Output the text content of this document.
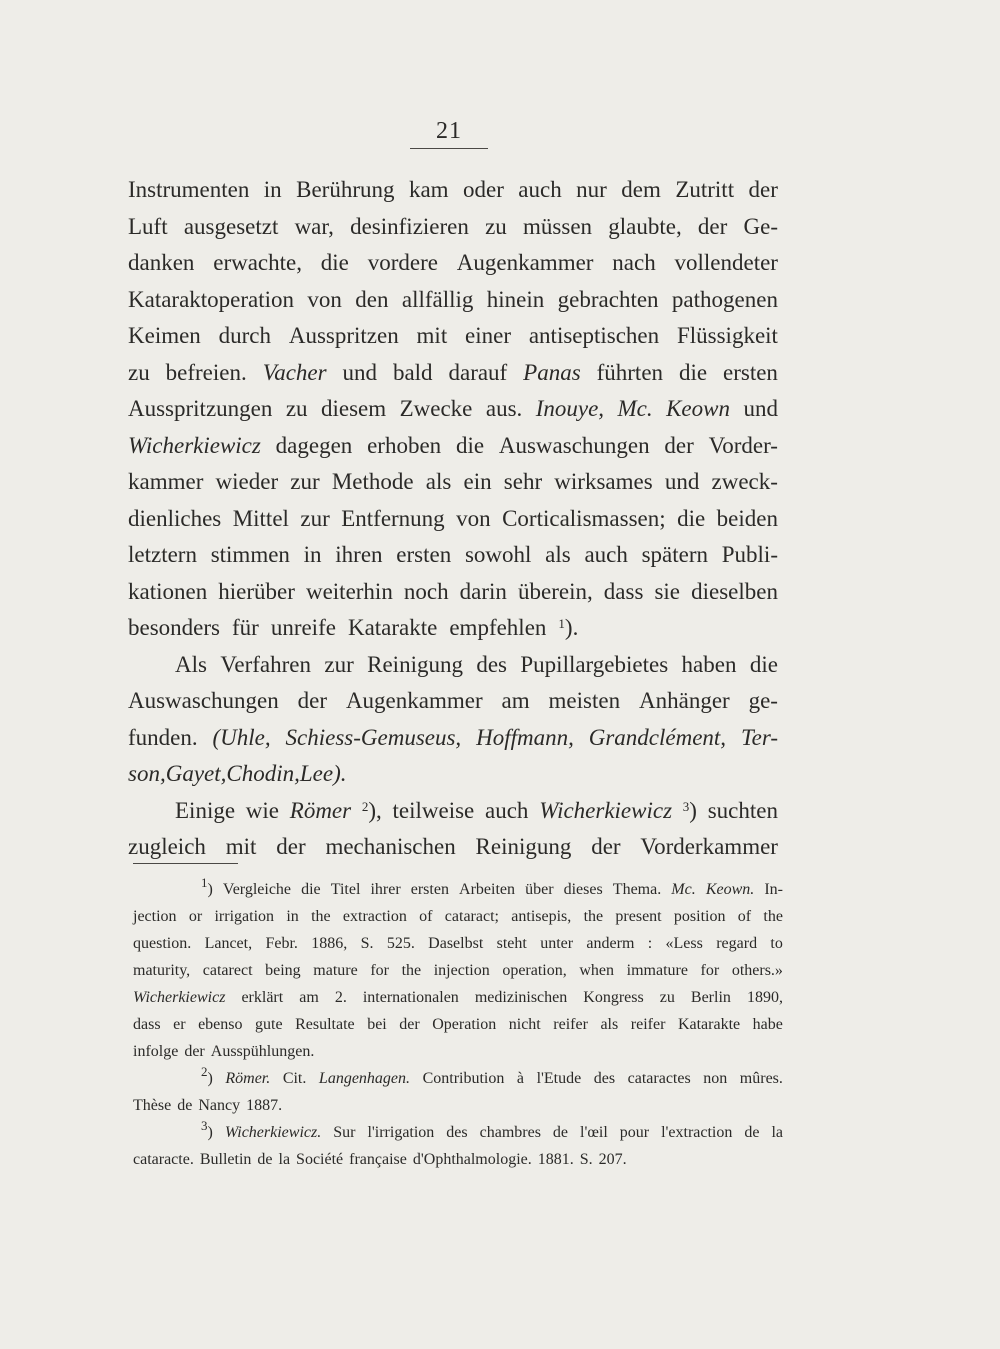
21
Instrumenten in Berührung kam oder auch nur dem Zutritt der
Luft ausgesetzt war, desinfizieren zu müssen glaubte, der Ge-
danken erwachte, die vordere Augenkammer nach vollendeter
Kataraktoperation von den allfällig hinein gebrachten pathogenen
Keimen durch Ausspritzen mit einer antiseptischen Flüssigkeit
zu befreien. Vacher und bald darauf Panas führten die ersten
Ausspritzungen zu diesem Zwecke aus. Inouye, Mc. Keown und
Wicherkiewicz dagegen erhoben die Auswaschungen der Vorder-
kammer wieder zur Methode als ein sehr wirksames und zweck-
dienliches Mittel zur Entfernung von Corticalismassen; die beiden
letztern stimmen in ihren ersten sowohl als auch spätern Publi-
kationen hierüber weiterhin noch darin überein, dass sie dieselben
besonders für unreife Katarakte empfehlen $^1$).
Als Verfahren zur Reinigung des Pupillargebietes haben die
Auswaschungen der Augenkammer am meisten Anhänger ge-
funden. (Uhle, Schiess-Gemuseus, Hoffmann, Grandclément, Ter-
son, Gayet, Chodin, Lee).
Einige wie Römer $^2$), teilweise auch Wicherkiewicz $^3$) suchten
zugleich mit der mechanischen Reinigung der Vorderkammer
$^1$) Vergleiche die Titel ihrer ersten Arbeiten über dieses Thema. Mc. Keown. In-
jection or irrigation in the extraction of cataract; antisepis, the present position of the
question. Lancet, Febr. 1886, S. 525. Daselbst steht unter anderm : «Less regard to
maturity, catarect being mature for the injection operation, when immature for others.»
Wicherkiewicz erklärt am 2. internationalen medizinischen Kongress zu Berlin 1890,
dass er ebenso gute Resultate bei der Operation nicht reifer als reifer Katarakte habe
infolge der Ausspühlungen.
$^2$) Römer. Cit. Langenhagen. Contribution à l'Etude des cataractes non mûres.
Thèse de Nancy 1887.
$^3$) Wicherkiewicz. Sur l'irrigation des chambres de l'œil pour l'extraction de la
cataracte. Bulletin de la Société française d'Ophthalmologie. 1881. S. 207.
